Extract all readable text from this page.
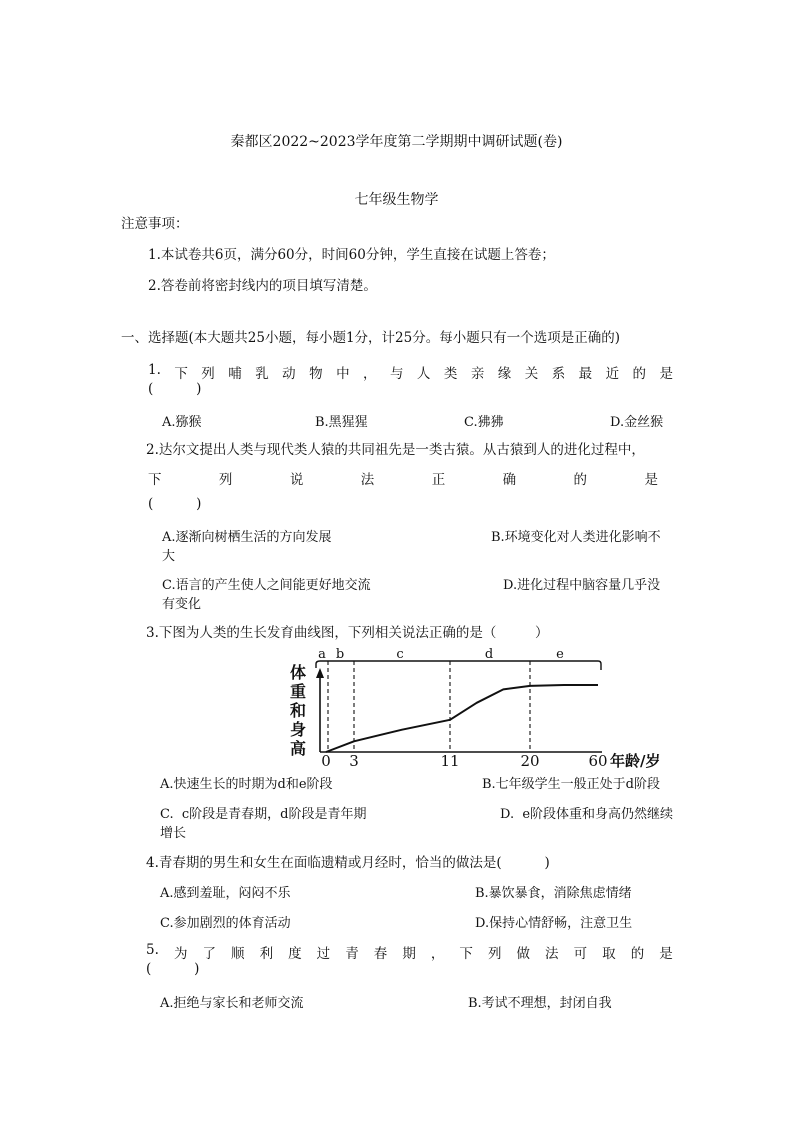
秦都区2022~2023学年度第二学期期中调研试题(卷)
七年级生物学
注意事项：
1.本试卷共6页，满分60分，时间60分钟，学生直接在试题上答卷；
2.答卷前将密封线内的项目填写清楚。
一、选择题(本大题共25小题，每小题1分，计25分。每小题只有一个选项是正确的)
1. 下 列 哺 乳 动 物 中 ， 与 人 类 亲 缘 关 系 最 近 的 是
(          )
A.猕猴	B.黑猩猩	C.狒狒	D.金丝猴
2.达尔文提出人类与现代类人猿的共同祖先是一类古猿。从古猿到人的进化过程中，
下	列	说	法	正	确	的	是
(          )
A.逐渐向树栖生活的方向发展	B.环境变化对人类进化影响不
大
C.语言的产生使人之间能更好地交流	D.进化过程中脑容量几乎没
有变化
3.下图为人类的生长发育曲线图，下列相关说法正确的是（         ）
a b	c	d	e
体
重
和
身
高
0 3	11	20	60 年龄/岁
A.快速生长的时期为d和e阶段	B.七年级学生一般正处于d阶段
C.  c阶段是青春期，d阶段是青年期	D.  e阶段体重和身高仍然继续
增长
4.青春期的男生和女生在面临遗精或月经时，恰当的做法是(          )
A.感到羞耻，闷闷不乐	B.暴饮暴食，消除焦虑情绪
C.参加剧烈的体育活动	D.保持心情舒畅，注意卫生
5. 为 了 顺 利 度 过 青 春 期 ， 下 列 做 法 可 取 的 是
(          )
A.拒绝与家长和老师交流	B.考试不理想，封闭自我
